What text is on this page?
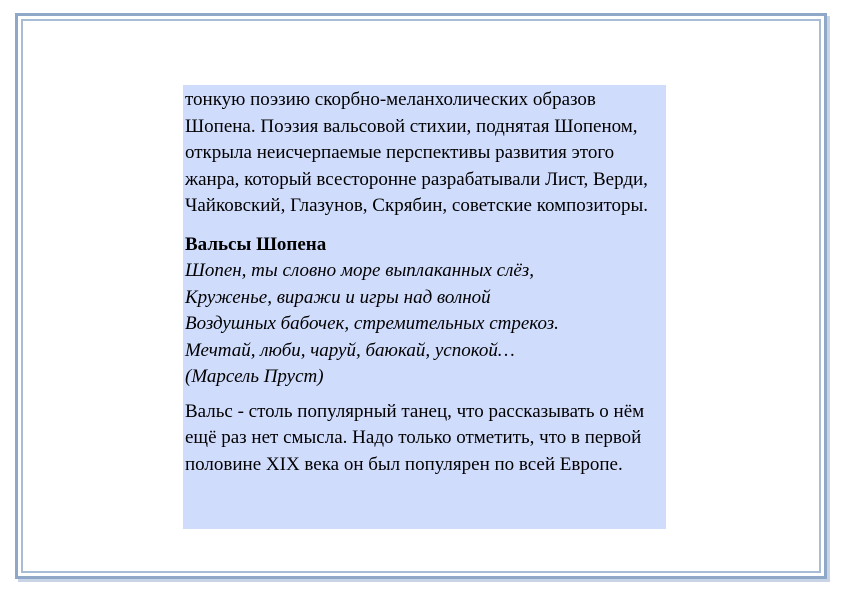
тонкую поэзию скорбно-меланхолических образов Шопена. Поэзия вальсовой стихии, поднятая Шопеном, открыла неисчерпаемые перспективы развития этого жанра, который всесторонне разрабатывали Лист, Верди, Чайковский, Глазунов, Скрябин, советские композиторы.

Вальсы Шопена

Шопен, ты словно море выплаканных слёз,
Круженье, виражи и игры над волной
Воздушных бабочек, стремительных стрекоз.
Мечтай, люби, чаруй, баюкай, успокой…
(Марсель Пруст)

Вальс - столь популярный танец, что рассказывать о нём ещё раз нет смысла. Надо только отметить, что в первой половине XIX века он был популярен по всей Европе.
